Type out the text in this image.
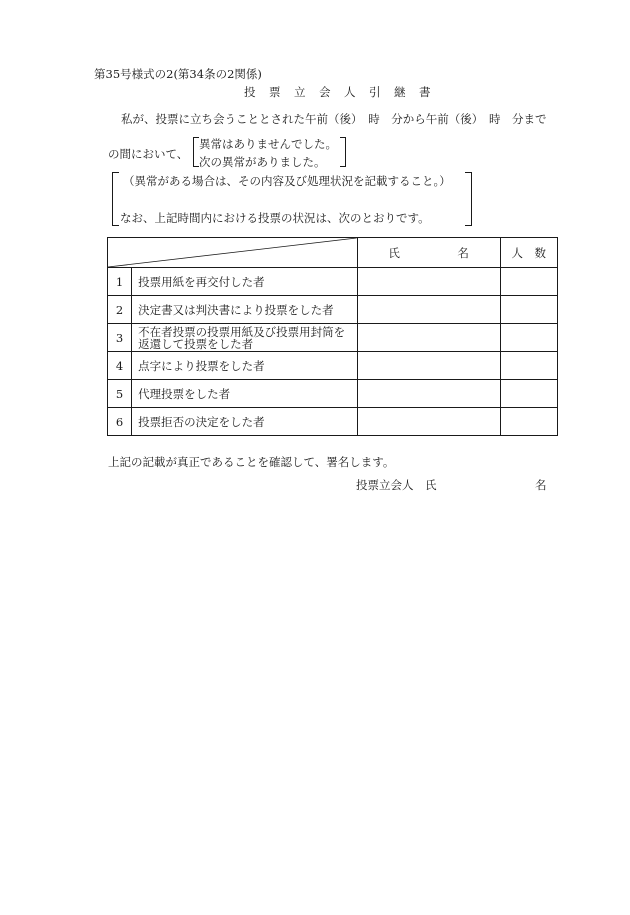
第35号様式の2(第34条の2関係)
投　票　立　会　人　引　継　書
私が、投票に立ち会うこととされた午前（後）　時　分から午前（後）　時　分まで
の間において、
異常はありませんでした。
次の異常がありました。
（異常がある場合は、その内容及び処理状況を記載すること。）
なお、上記時間内における投票の状況は、次のとおりです。
	氏　　　　　名	人　数
1	投票用紙を再交付した者		
2	決定書又は判決書により投票をした者		
3	不在者投票の投票用紙及び投票用封筒を返還して投票をした者		

4	点字により投票をした者		
5	代理投票をした者		
6	投票拒否の決定をした者		
上記の記載が真正であることを確認して、署名します。
投票立会人　氏	名
